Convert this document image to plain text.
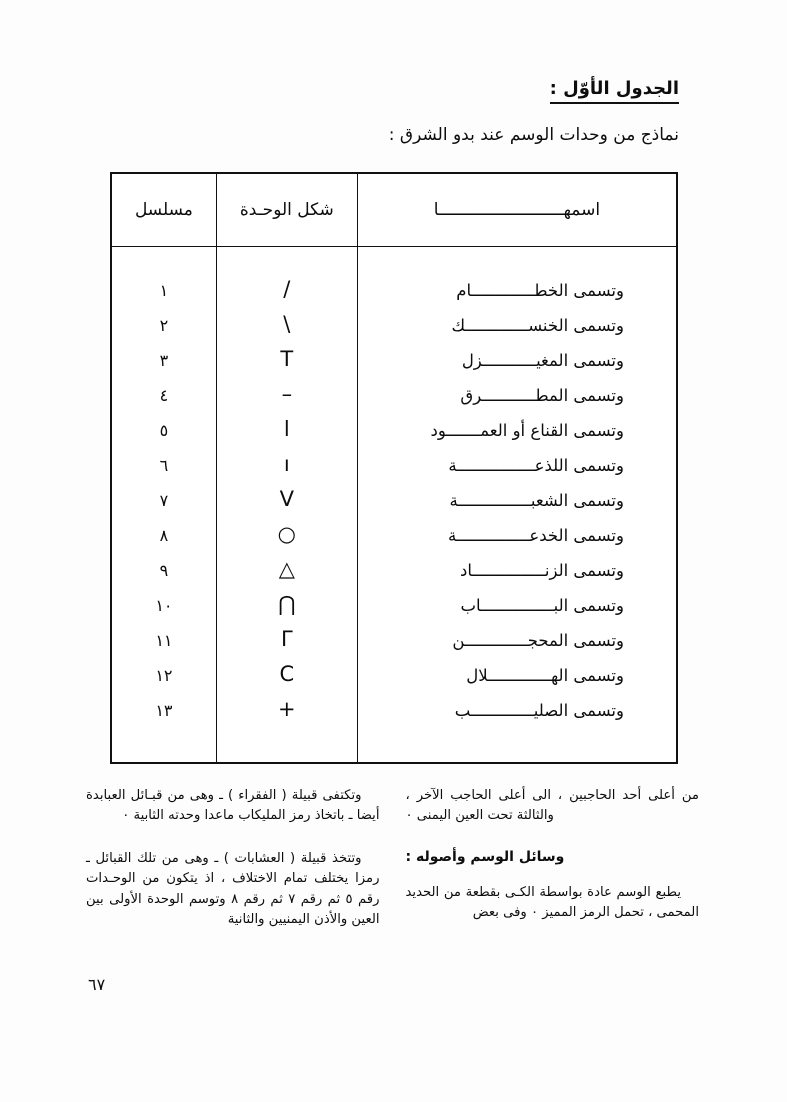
الجدول الأوّل :
نماذج من وحدات الوسم عند بدو الشرق :
اسمهـــــــــــــــــــــــــا	شكل الوحـدة	مسلسل

وتسمى الخطـــــــــــــام	/	١

وتسمى الخنســـــــــــــك	\	٢

وتسمى المغيـــــــــــزل	Т	٣

وتسمى المطـــــــــــرق	–	٤

وتسمى القناع أو العمـــــــود	ا	٥

وتسمى اللذعــــــــــــــــة	ı	٦

وتسمى الشعبـــــــــــــــة	V	٧

وتسمى الخدعـــــــــــــــة	○	٨

وتسمى الزنـــــــــــــــاد	△	٩

وتسمى البـــــــــــــــاب	⋂	١٠

وتسمى المحجـــــــــــــن	Γ	١١

وتسمى الهـــــــــــــلال	C	١٢

وتسمى الصليـــــــــــــب	+	١٣

وتكتفى قبيلة ( الفقراء ) ـ وهى من قبـائل العبابدة أيضا ـ باتخاذ رمز المليكاب ماعدا وحدته الثابية ٠

وتتخذ قبيلة ( العشابات ) ـ وهى من تلك القبائل ـ رمزا يختلف تمام الاختلاف ، اذ يتكون من الوحـدات رقم ٥ ثم رقم ٧ ثم رقم ٨ وتوسم الوحدة الأولى بين العين والأذن اليمنيين والثانية

من أعلى أحد الحاجبين ، الى أعلى الحاجب الآخر ، والثالثة تحت العين اليمنى ٠

وسائل الوسم وأصوله :

يطبع الوسم عادة بواسطة الكـى بقطعة من الحديد المحمى ، تحمل الرمز المميز ٠ وفى بعض

٦٧
